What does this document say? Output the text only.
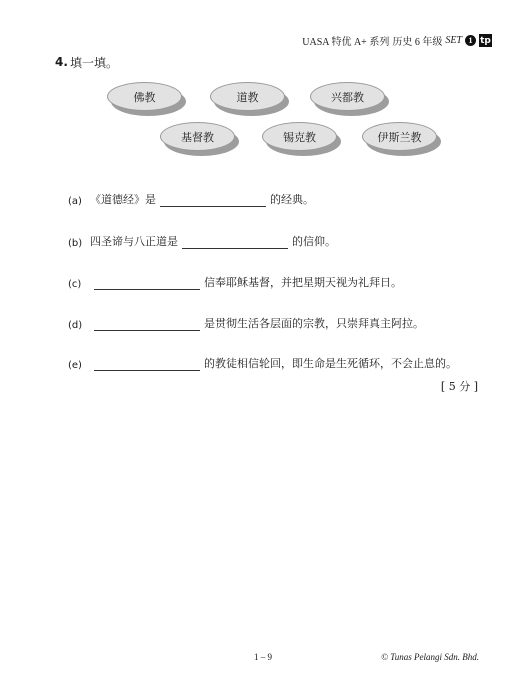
UASA 特优 A+ 系列 历史 6 年级 SET 1 tp
4. 填一填。
佛教	道教	兴都教
基督教	锡克教	伊斯兰教
(a) 《道德经》是	的经典。
(b) 四圣谛与八正道是	的信仰。
(c)	信奉耶稣基督，并把星期天视为礼拜日。
(d)	是贯彻生活各层面的宗教，只崇拜真主阿拉。
(e)	的教徒相信轮回，即生命是生死循环，不会止息的。
[ 5 分 ]
1 – 9	© Tunas Pelangi Sdn. Bhd.
